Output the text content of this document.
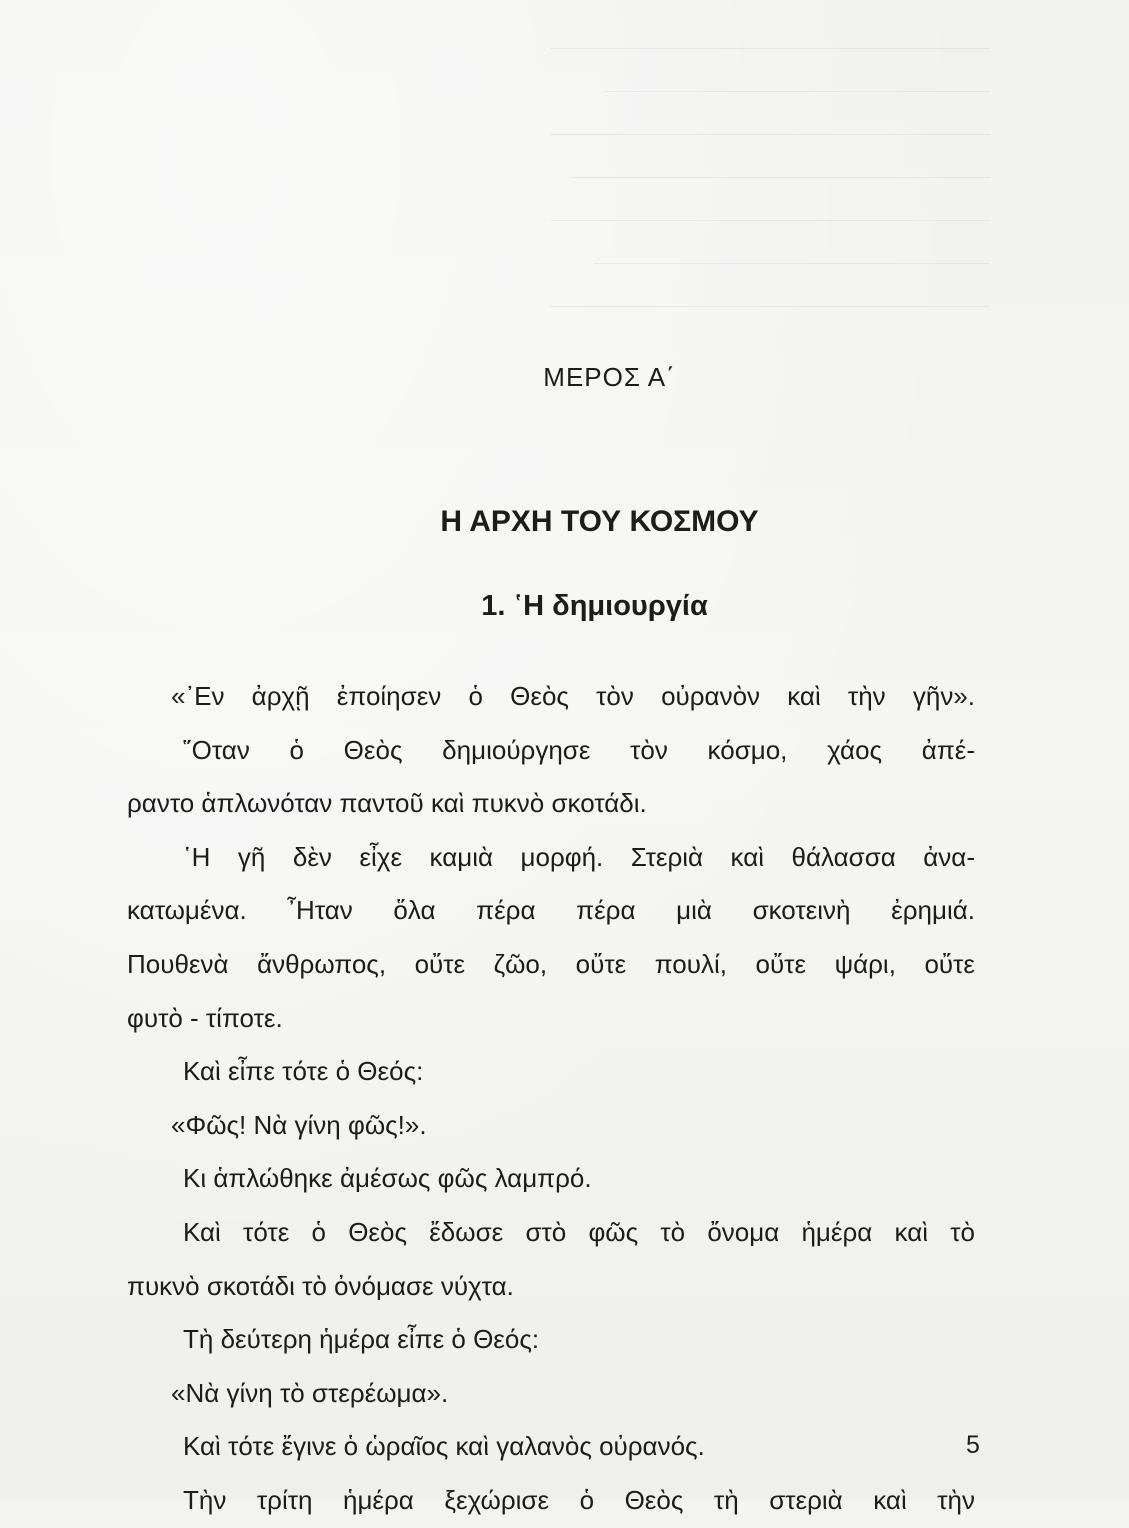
⎯⎯⎯⎯⎯⎯⎯⎯⎯⎯⎯⎯⎯⎯⎯⎯⎯⎯⎯⎯⎯⎯⎯⎯⎯⎯⎯⎯⎯⎯⎯⎯⎯⎯⎯⎯⎯⎯⎯⎯
⎯⎯⎯⎯⎯⎯⎯⎯⎯⎯⎯⎯⎯⎯⎯⎯⎯⎯⎯⎯⎯⎯⎯⎯⎯⎯⎯⎯⎯⎯⎯⎯⎯⎯⎯
⎯⎯⎯⎯⎯⎯⎯⎯⎯⎯⎯⎯⎯⎯⎯⎯⎯⎯⎯⎯⎯⎯⎯⎯⎯⎯⎯⎯⎯⎯⎯⎯⎯⎯⎯⎯⎯⎯⎯⎯
⎯⎯⎯⎯⎯⎯⎯⎯⎯⎯⎯⎯⎯⎯⎯⎯⎯⎯⎯⎯⎯⎯⎯⎯⎯⎯⎯⎯⎯⎯⎯⎯⎯⎯⎯⎯⎯⎯
⎯⎯⎯⎯⎯⎯⎯⎯⎯⎯⎯⎯⎯⎯⎯⎯⎯⎯⎯⎯⎯⎯⎯⎯⎯⎯⎯⎯⎯⎯⎯⎯⎯⎯⎯⎯⎯⎯⎯⎯
⎯⎯⎯⎯⎯⎯⎯⎯⎯⎯⎯⎯⎯⎯⎯⎯⎯⎯⎯⎯⎯⎯⎯⎯⎯⎯⎯⎯⎯⎯⎯⎯⎯⎯⎯⎯
⎯⎯⎯⎯⎯⎯⎯⎯⎯⎯⎯⎯⎯⎯⎯⎯⎯⎯⎯⎯⎯⎯⎯⎯⎯⎯⎯⎯⎯⎯⎯⎯⎯⎯⎯⎯⎯⎯⎯⎯
ΜΕΡΟΣ Α΄
Η ΑΡΧΗ ΤΟΥ ΚΟΣΜΟΥ
1. ῾Η δημιουργία
«᾿Εν ἀρχῇ ἐποίησεν ὁ Θεὸς τὸν οὐρανὸν καὶ τὴν γῆν».
῞Οταν ὁ Θεὸς δημιούργησε τὸν κόσμο, χάος ἀπέ-
ραντο ἁπλωνόταν παντοῦ καὶ πυκνὸ σκοτάδι.
῾Η γῆ δὲν εἶχε καμιὰ μορφή. Στεριὰ καὶ θάλασσα ἀνα-
κατωμένα. ῏Ηταν ὅλα πέρα πέρα μιὰ σκοτεινὴ ἐρημιά.
Πουθενὰ ἄνθρωπος, οὔτε ζῶο, οὔτε πουλί, οὔτε ψάρι, οὔτε
φυτὸ - τίποτε.
Καὶ εἶπε τότε ὁ Θεός:
«Φῶς! Νὰ γίνη φῶς!».
Κι ἁπλώθηκε ἀμέσως φῶς λαμπρό.
Καὶ τότε ὁ Θεὸς ἔδωσε στὸ φῶς τὸ ὄνομα ἡμέρα καὶ τὸ
πυκνὸ σκοτάδι τὸ ὀνόμασε νύχτα.
Τὴ δεύτερη ἡμέρα εἶπε ὁ Θεός:
«Νὰ γίνη τὸ στερέωμα».
Καὶ τότε ἔγινε ὁ ὡραῖος καὶ γαλανὸς οὐρανός.
Τὴν τρίτη ἡμέρα ξεχώρισε ὁ Θεὸς τὴ στεριὰ καὶ τὴν
5
